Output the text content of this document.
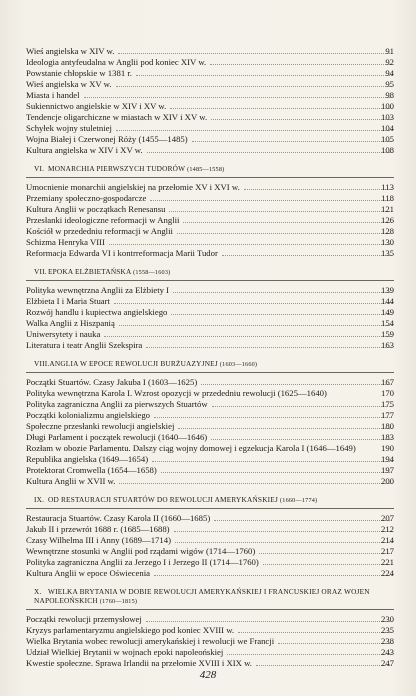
Wieś angielska w XIV w.	91
Ideologia antyfeudalna w Anglii pod koniec XIV w.	92
Powstanie chłopskie w 1381 r.	94
Wieś angielska w XV w.	95
Miasta i handel	98
Sukiennictwo angielskie w XIV i XV w.	100
Tendencje oligarchiczne w miastach w XIV i XV w.	103
Schyłek wojny stuletniej	104
Wojna Białej i Czerwonej Róży (1455—1485)	105
Kultura angielska w XIV i XV w.	108
VI. MONARCHIA PIERWSZYCH TUDORÓW (1485—1558)
Umocnienie monarchii angielskiej na przełomie XV i XVI w.	113
Przemiany społeczno-gospodarcze	118
Kultura Anglii w początkach Renesansu	121
Przesłanki ideologiczne reformacji w Anglii	126
Kościół w przededniu reformacji w Anglii	128
Schizma Henryka VIII	130
Reformacja Edwarda VI i kontrreformacja Marii Tudor	135
VII.EPOKA ELŻBIETAŃSKA (1558—1603)
Polityka wewnętrzna Anglii za Elżbiety I	139
Elżbieta I i Maria Stuart	144
Rozwój handlu i kupiectwa angielskiego	149
Walka Anglii z Hiszpanią	154
Uniwersytety i nauka	159
Literatura i teatr Anglii Szekspira	163
VIII.ANGLIA W EPOCE REWOLUCJI BURŻUAZYJNEJ (1603—1660)
Początki Stuartów. Czasy Jakuba I (1603—1625)	167
Polityka wewnętrzna Karola I. Wzrost opozycji w przededniu rewolucji (1625—1640)	170
Polityka zagraniczna Anglii za pierwszych Stuartów	175
Początki kolonializmu angielskiego	177
Społeczne przesłanki rewolucji angielskiej	180
Długi Parlament i początek rewolucji (1640—1646)	183
Rozłam w obozie Parlamentu. Dalszy ciąg wojny domowej i egzekucja Karola I (1646—1649)	190
Republika angielska (1649—1654)	194
Protektorat Cromwella (1654—1658)	197
Kultura Anglii w XVII w.	200
IX. OD RESTAURACJI STUARTÓW DO REWOLUCJI AMERYKAŃSKIEJ (1660—1774)
Restauracja Stuartów. Czasy Karola II (1660—1685)	207
Jakub II i przewrót 1688 r. (1685—1688)	212
Czasy Wilhelma III i Anny (1689—1714)	214
Wewnętrzne stosunki w Anglii pod rządami wigów (1714—1760)	217
Polityka zagraniczna Anglii za Jerzego I i Jerzego II (1714—1760)	221
Kultura Anglii w epoce Oświecenia	224
X. WIELKA BRYTANIA W DOBIE REWOLUCJI AMERYKAŃSKIEJ I FRANCUSKIEJ ORAZ WOJEN NAPOLEOŃSKICH (1760—1815)
Początki rewolucji przemysłowej	230
Kryzys parlamentaryzmu angielskiego pod koniec XVIII w.	235
Wielka Brytania wobec rewolucji amerykańskiej i rewolucji we Francji	238
Udział Wielkiej Brytanii w wojnach epoki napoleońskiej	243
Kwestie społeczne. Sprawa Irlandii na przełomie XVIII i XIX w.	247
428
